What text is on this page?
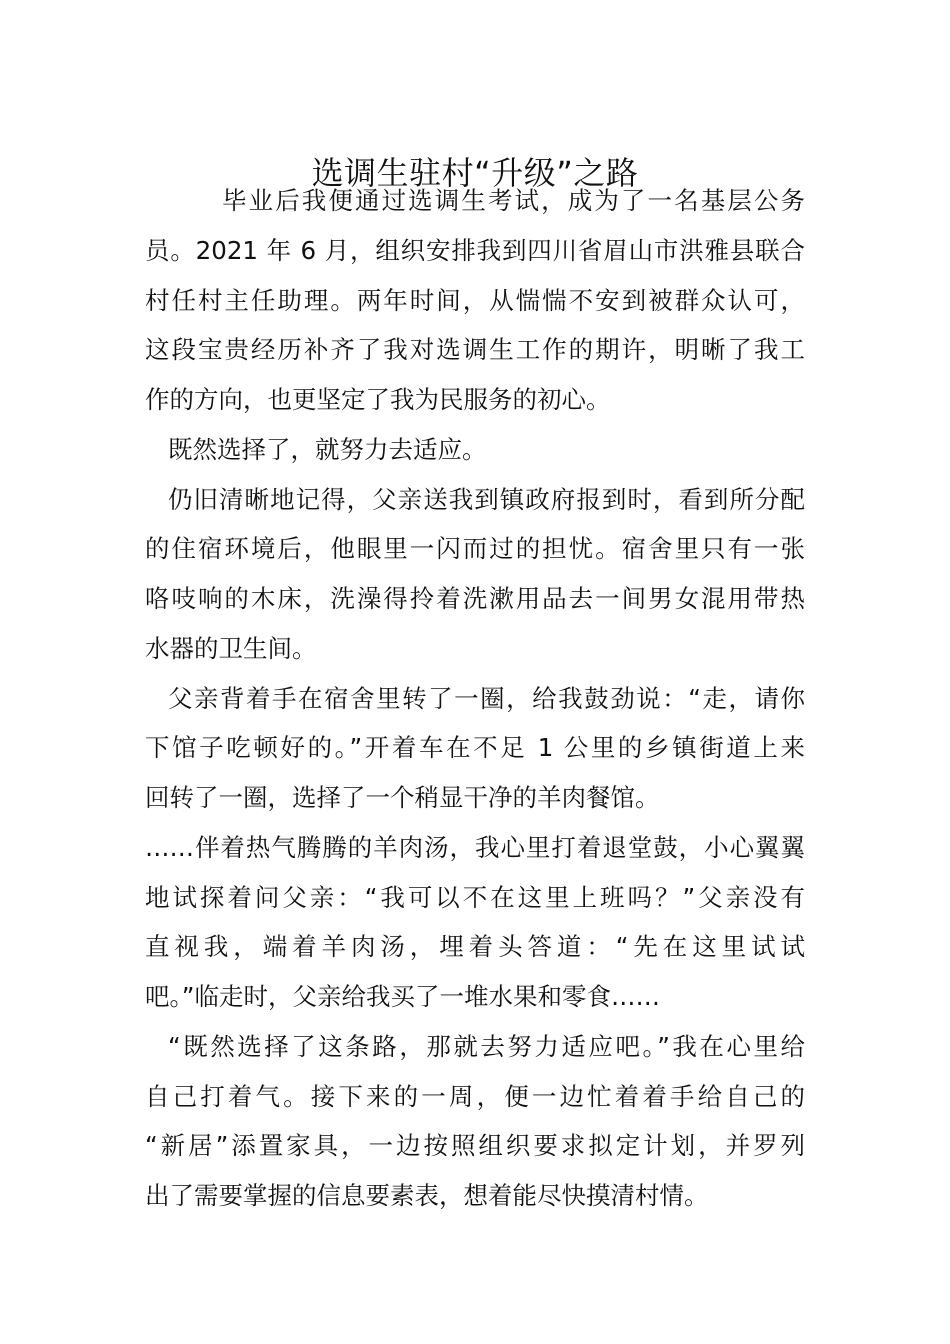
选调生驻村“升级”之路
毕业后我便通过选调生考试，成为了一名基层公务
员。2021 年 6 月，组织安排我到四川省眉山市洪雅县联合
村任村主任助理。两年时间，从惴惴不安到被群众认可，
这段宝贵经历补齐了我对选调生工作的期许，明晰了我工
作的方向，也更坚定了我为民服务的初心。
既然选择了，就努力去适应。
仍旧清晰地记得，父亲送我到镇政府报到时，看到所分配
的住宿环境后，他眼里一闪而过的担忧。宿舍里只有一张
咯吱响的木床，洗澡得拎着洗漱用品去一间男女混用带热
水器的卫生间。
父亲背着手在宿舍里转了一圈，给我鼓劲说：“走，请你
下馆子吃顿好的。”开着车在不足 1 公里的乡镇街道上来
回转了一圈，选择了一个稍显干净的羊肉餐馆。
……伴着热气腾腾的羊肉汤，我心里打着退堂鼓，小心翼翼
地试探着问父亲：“我可以不在这里上班吗？”父亲没有
直视我，端着羊肉汤，埋着头答道：“先在这里试试
吧。”临走时，父亲给我买了一堆水果和零食……
“既然选择了这条路，那就去努力适应吧。”我在心里给
自己打着气。接下来的一周，便一边忙着着手给自己的
“新居”添置家具，一边按照组织要求拟定计划，并罗列
出了需要掌握的信息要素表，想着能尽快摸清村情。
